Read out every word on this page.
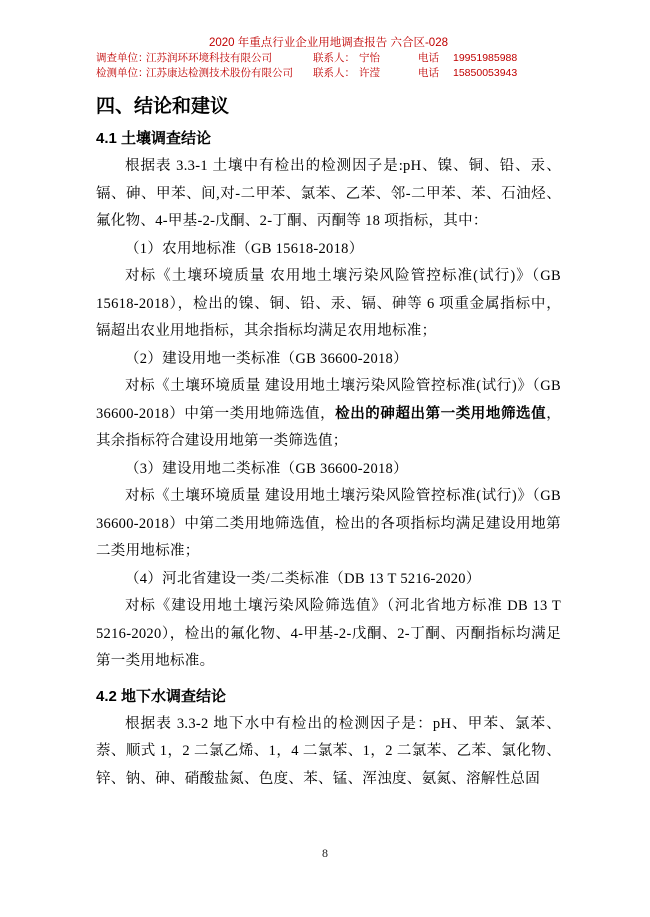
2020 年重点行业企业用地调查报告 六合区-028
调查单位：
江苏润环环境科技有限公司	联系人： 宁怡	电话	19951985988
检测单位：
江苏康达检测技术股份有限公司	联系人： 许滢	电话	15850053943
四、结论和建议
4.1 土壤调查结论

根据表 3.3-1 土壤中有检出的检测因子是:pH、镍、铜、铅、汞、镉、砷、甲苯、间,对-二甲苯、氯苯、乙苯、邻-二甲苯、苯、石油烃、氟化物、4-甲基-2-戊酮、2-丁酮、丙酮等 18 项指标，其中：

（1）农用地标准（GB 15618-2018）

对标《土壤环境质量 农用地土壤污染风险管控标准(试行)》（GB 15618-2018），检出的镍、铜、铅、汞、镉、砷等 6 项重金属指标中，镉超出农业用地指标，其余指标均满足农用地标准；

（2）建设用地一类标准（GB 36600-2018）

对标《土壤环境质量 建设用地土壤污染风险管控标准(试行)》（GB 36600-2018）中第一类用地筛选值，检出的砷超出第一类用地筛选值，其余指标符合建设用地第一类筛选值；

（3）建设用地二类标准（GB 36600-2018）

对标《土壤环境质量 建设用地土壤污染风险管控标准(试行)》（GB 36600-2018）中第二类用地筛选值，检出的各项指标均满足建设用地第二类用地标准；

（4）河北省建设一类/二类标准（DB 13 T 5216-2020）

对标《建设用地土壤污染风险筛选值》（河北省地方标准 DB 13 T 5216-2020），检出的氟化物、4-甲基-2-戊酮、2-丁酮、丙酮指标均满足第一类用地标准。

4.2 地下水调查结论

根据表 3.3-2 地下水中有检出的检测因子是：pH、甲苯、氯苯、萘、顺式 1，2 二氯乙烯、1，4 二氯苯、1，2 二氯苯、乙苯、氯化物、锌、钠、砷、硝酸盐氮、色度、苯、锰、浑浊度、氨氮、溶解性总固

8
